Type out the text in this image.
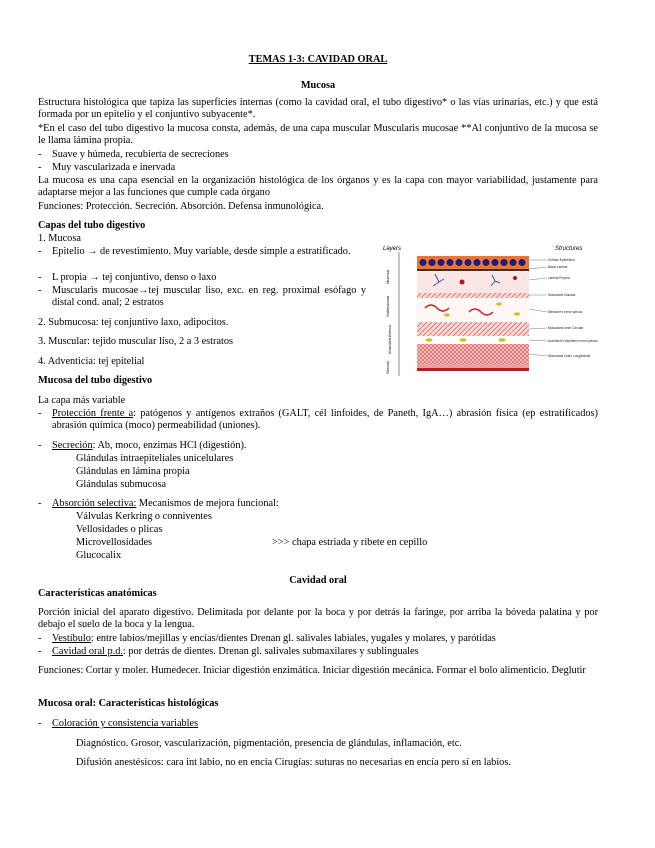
TEMAS 1-3: CAVIDAD ORAL
Mucosa
Estructura histológica que tapiza las superficies internas (como la cavidad oral, el tubo digestivo* o las vías urinarias, etc.) y que está formada por un epitelio y el conjuntivo subyacente*.
*En el caso del tubo digestivo la mucosa consta, además, de una capa muscular Muscularis mucosae **Al conjuntivo de la mucosa se le llama lámina propia.
-	Suave y húmeda, recubierta de secreciones
-	Muy vascularizada e inervada
La mucosa es una capa esencial en la organización histológica de los órganos y es la capa con mayor variabilidad, justamente para adaptarse mejor a las funciones que cumple cada órgano
Funciones: Protección. Secreción. Absorción. Defensa inmunológica.
Capas del tubo digestivo
1. Mucosa
-	Epitelio → de revestimiento. Muy variable, desde simple a estratificado.
-	L propia → tej conjuntivo, denso o laxo
-	Muscularis mucosae→tej muscular liso, exc. en reg. proximal esófago y distal cond. anal; 2 estratos
2. Submucosa: tej conjuntivo laxo, adipocitos.
3. Muscular: tejido muscular liso, 2 a 3 estratos
4. Adventicia: tej epitelial
Layers	Structures
Mucosa
Submucosa
Muscularis Externa
Serosa
Surface Epithelium
Basal Lamina
Lamina Propria
Muscularis Mucosa
Meissner's nerve plexus
Muscularis Inner Circular
Auerbach's myenteric nerve plexus
Muscularis Outer Longitudinal
Mucosa del tubo digestivo
La capa más variable
-	Protección frente a: patógenos y antígenos extraños (GALT, cél linfoides, de Paneth, IgA…) abrasión física (ep estratificados) abrasión química (moco) permeabilidad (uniones).
-	Secreción: Ab, moco, enzimas HCl (digestión).
Glándulas intraepiteliales unicelulares
Glándulas en lámina propia
Glándulas submucosa
-	Absorción selectiva: Mecanismos de mejora funcional:
Válvulas Kerkring o conniventes
Vellosidades o plicas
Microvellosidades	>>> chapa estriada y ribete en cepillo
Glucocalix
Cavidad oral
Características anatómicas
Porción inicial del aparato digestivo. Delimitada por delante por la boca y por detrás la faringe, por arriba la bóveda palatina y por debajo el suelo de la boca y la lengua.
-	Vestíbulo: entre labios/mejillas y encías/dientes Drenan gl. salivales labiales, yugales y molares, y parótidas
-	Cavidad oral p.d.: por detrás de dientes. Drenan gl. salivales submaxilares y sublinguales
Funciones: Cortar y moler. Humedecer. Iniciar digestión enzimática. Iniciar digestión mecánica. Formar el bolo alimenticio. Deglutir
Mucosa oral: Características histológicas
-	Coloración y consistencia variables
Diagnóstico. Grosor, vascularización, pigmentación, presencia de glándulas, inflamación, etc.
Difusión anestésicos: cara int labio, no en encía Cirugías: suturas no necesarias en encía pero sí en labios.
